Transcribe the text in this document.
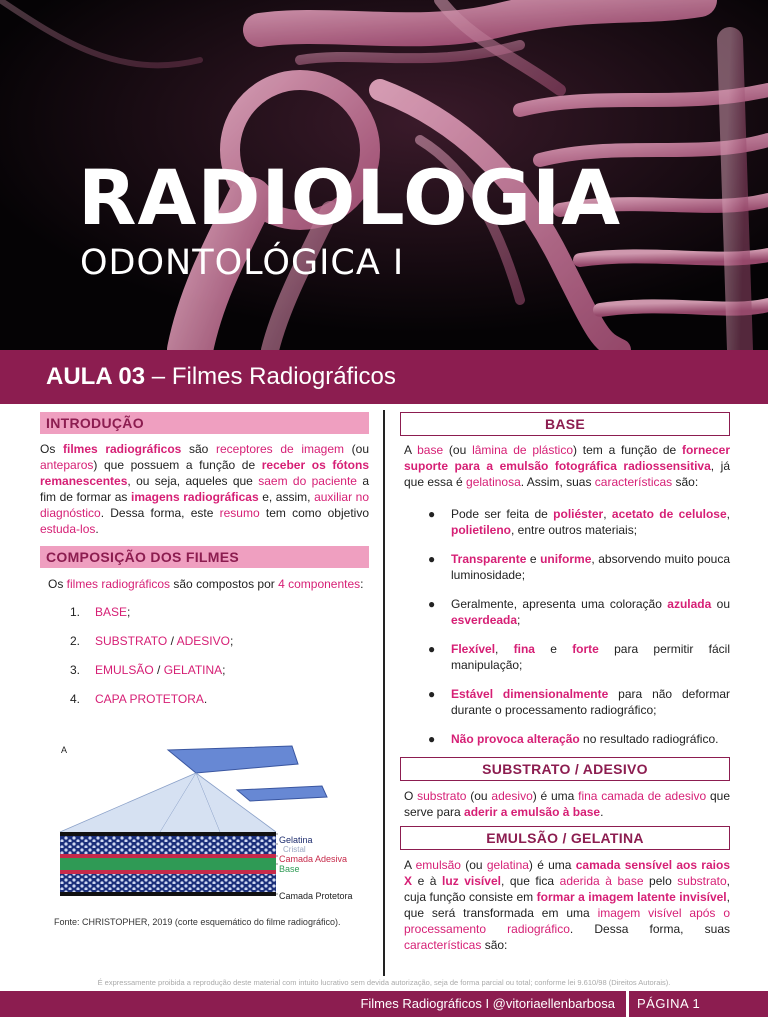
RADIOLOGIA
ODONTOLÓGICA I
AULA 03 – Filmes Radiográficos
INTRODUÇÃO

Os filmes radiográficos são receptores de imagem (ou anteparos) que possuem a função de receber os fótons remanescentes, ou seja, aqueles que saem do paciente a fim de formar as imagens radiográficas e, assim, auxiliar no diagnóstico. Dessa forma, este resumo tem como objetivo estuda-los.

COMPOSIÇÃO DOS FILMES

Os filmes radiográficos são compostos por 4 componentes:

1. BASE;
2. SUBSTRATO / ADESIVO;
3. EMULSÃO / GELATINA;
4. CAPA PROTETORA.
A
Gelatina
Cristal
Camada Adesiva
Base
Camada Protetora
Fonte: CHRISTOPHER, 2019 (corte esquemático do filme radiográfico).
BASE

A base (ou lâmina de plástico) tem a função de fornecer suporte para a emulsão fotográfica radiossensitiva, já que essa é gelatinosa. Assim, suas características são:

● Pode ser feita de poliéster, acetato de celulose, polietileno, entre outros materiais;
● Transparente e uniforme, absorvendo muito pouca luminosidade;
● Geralmente, apresenta uma coloração azulada ou esverdeada;
● Flexível, fina e forte para permitir fácil manipulação;
● Estável dimensionalmente para não deformar durante o processamento radiográfico;
● Não provoca alteração no resultado radiográfico.
SUBSTRATO / ADESIVO

O substrato (ou adesivo) é uma fina camada de adesivo que serve para aderir a emulsão à base.

EMULSÃO / GELATINA

A emulsão (ou gelatina) é uma camada sensível aos raios X e à luz visível, que fica aderida à base pelo substrato, cuja função consiste em formar a imagem latente invisível, que será transformada em uma imagem visível após o processamento radiográfico. Dessa forma, suas características são:

É expressamente proibida a reprodução deste material com intuito lucrativo sem devida autorização, seja de forma parcial ou total; conforme lei 9.610/98 (Direitos Autorais).
Filmes Radiográficos I @vitoriaellenbarbosa PÁGINA 1
